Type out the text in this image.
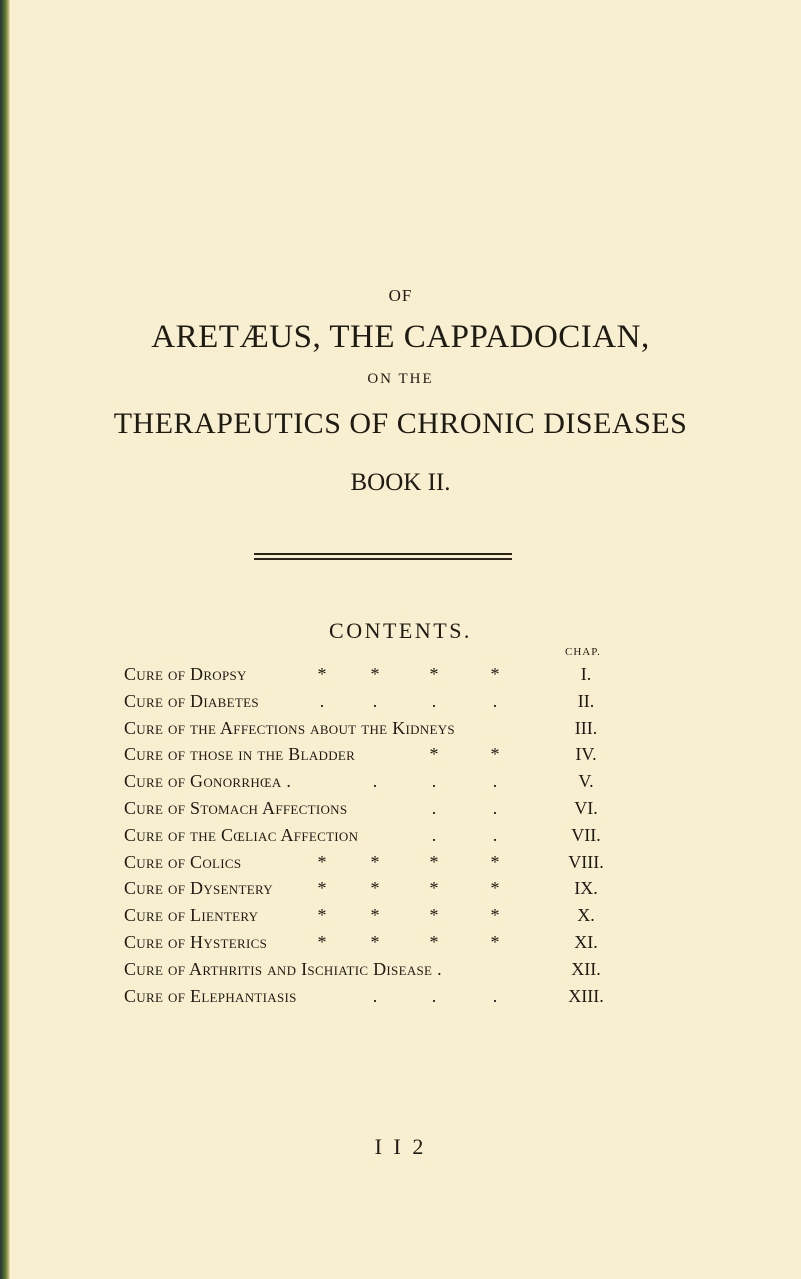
OF
ARETÆUS, THE CAPPADOCIAN,
ON THE
THERAPEUTICS OF CHRONIC DISEASES
BOOK II.
CONTENTS.
CHAP.
Cure of Dropsy	* *	*	*	I.
Cure of Diabetes	.	.	.	.	II.
Cure of the Affections about the Kidneys	III.
Cure of those in the Bladder	*	*	IV.
Cure of Gonorrhœa .	.	.	.	V.
Cure of Stomach Affections	.	.	VI.
Cure of the Cœliac Affection	.	.	VII.
Cure of Colics	* *	*	*	VIII.
Cure of Dysentery * *	*	*	IX.
Cure of Lientery	* *	*	*	X.
Cure of Hysterics	* *	*	*	XI.
Cure of Arthritis and Ischiatic Disease .	XII.
Cure of Elephantiasis	.	.	.	XIII.
I I 2
